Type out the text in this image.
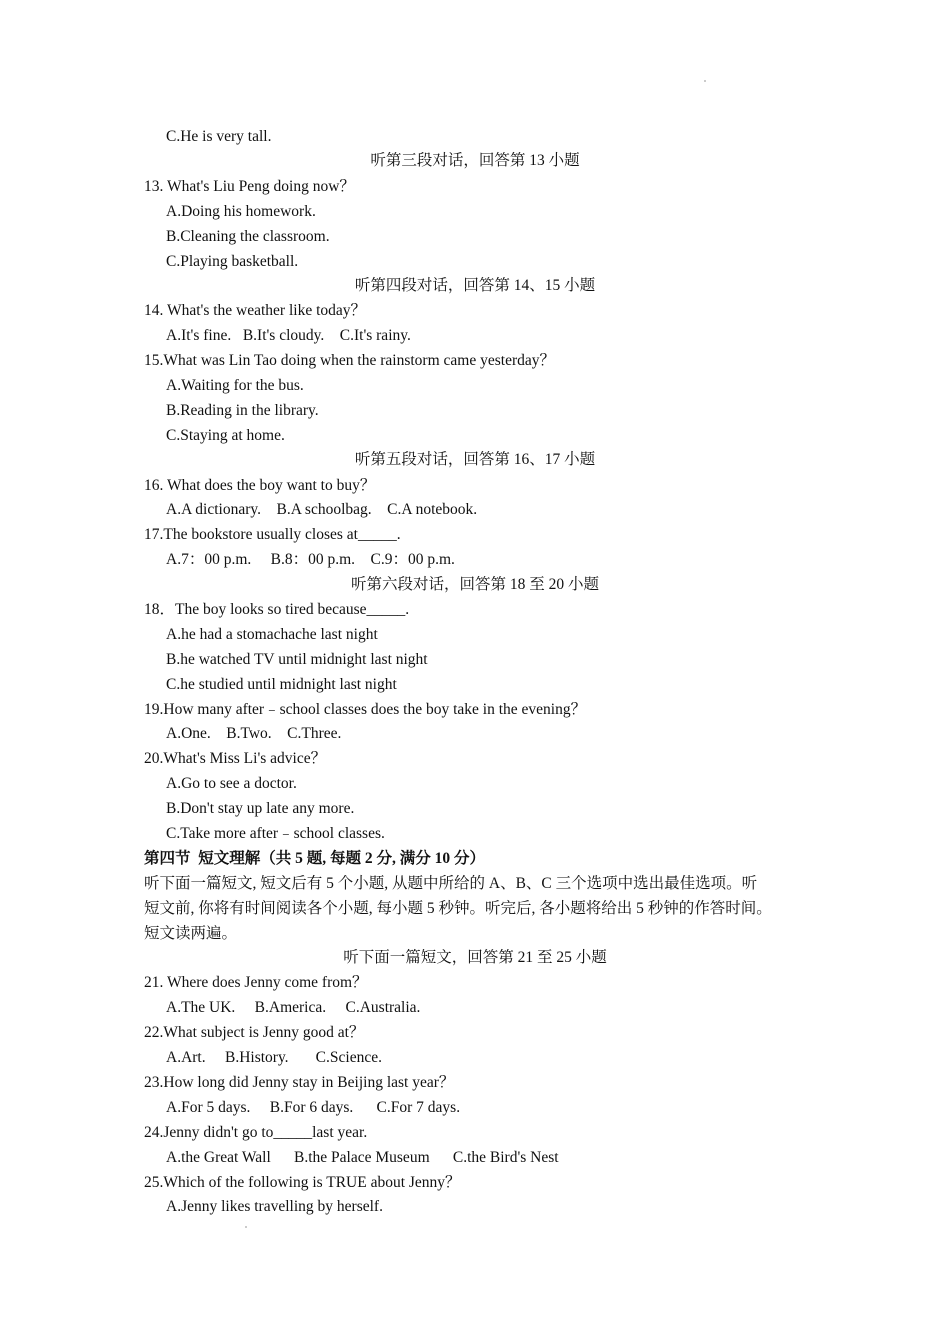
C.He is very tall.
听第三段对话，回答第 13 小题
13. What's Liu Peng doing now？
A.Doing his homework.
B.Cleaning the classroom.
C.Playing basketball.
听第四段对话，回答第 14、15 小题
14. What's the weather like today？
A.It's fine.   B.It's cloudy.    C.It's rainy.
15.What was Lin Tao doing when the rainstorm came yesterday？
A.Waiting for the bus.
B.Reading in the library.
C.Staying at home.
听第五段对话，回答第 16、17 小题
16. What does the boy want to buy？
A.A dictionary.    B.A schoolbag.    C.A notebook.
17.The bookstore usually closes at_____.
A.7：00 p.m.     B.8：00 p.m.    C.9：00 p.m.
听第六段对话，回答第 18 至 20 小题
18．The boy looks so tired because_____.
A.he had a stomachache last night
B.he watched TV until midnight last night
C.he studied until midnight last night
19.How many after﹣school classes does the boy take in the evening？
A.One.    B.Two.    C.Three.
20.What's Miss Li's advice？
A.Go to see a doctor.
B.Don't stay up late any more.
C.Take more after﹣school classes.
第四节  短文理解（共 5 题, 每题 2 分, 满分 10 分）
听下面一篇短文, 短文后有 5 个小题, 从题中所给的 A、B、C 三个选项中选出最佳选项。听
短文前, 你将有时间阅读各个小题, 每小题 5 秒钟。听完后, 各小题将给出 5 秒钟的作答时间。
短文读两遍。
听下面一篇短文，回答第 21 至 25 小题
21. Where does Jenny come from？
A.The UK.     B.America.     C.Australia.
22.What subject is Jenny good at？
A.Art.     B.History.       C.Science.
23.How long did Jenny stay in Beijing last year？
A.For 5 days.     B.For 6 days.      C.For 7 days.
24.Jenny didn't go to_____last year.
A.the Great Wall      B.the Palace Museum      C.the Bird's Nest
25.Which of the following is TRUE about Jenny？
A.Jenny likes travelling by herself.
